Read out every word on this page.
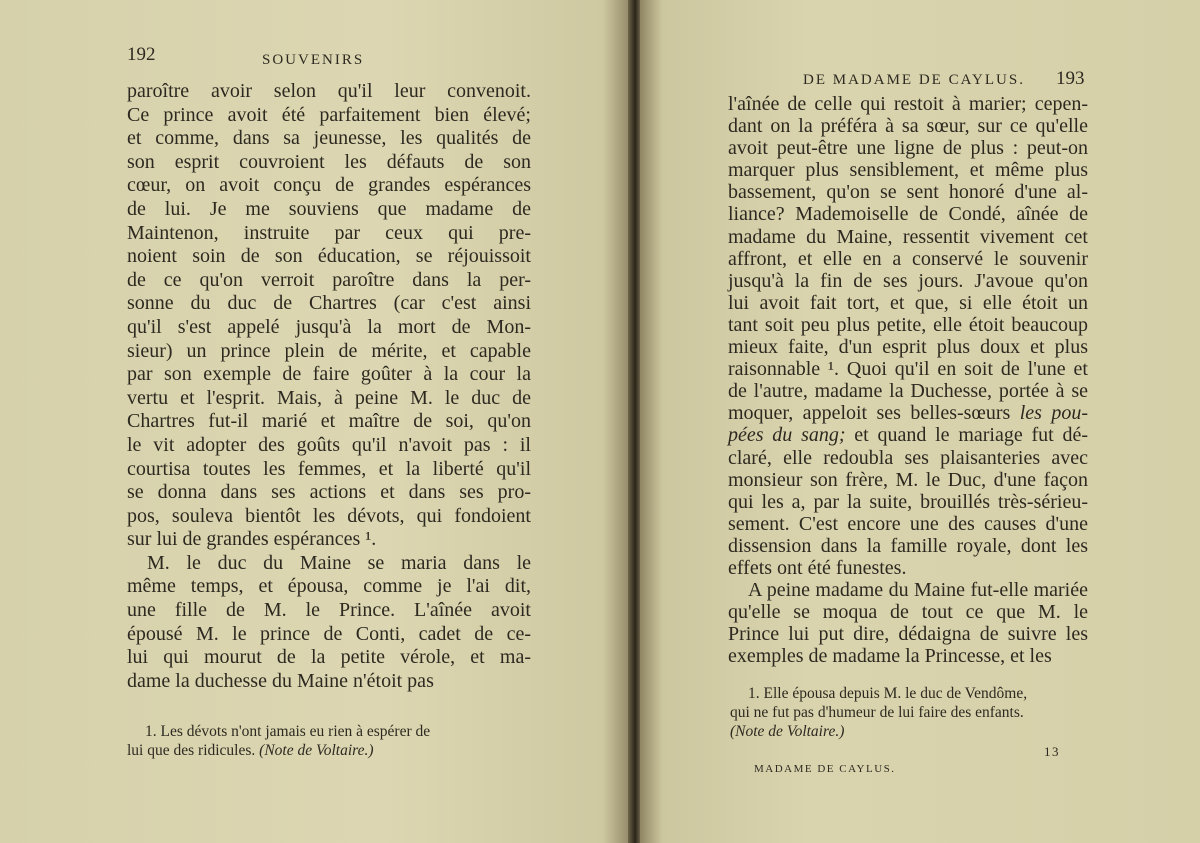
192	SOUVENIRS
paroître avoir selon qu'il leur convenoit.
Ce prince avoit été parfaitement bien élevé;
et comme, dans sa jeunesse, les qualités de
son esprit couvroient les défauts de son
cœur, on avoit conçu de grandes espérances
de lui. Je me souviens que madame de
Maintenon, instruite par ceux qui pre-
noient soin de son éducation, se réjouissoit
de ce qu'on verroit paroître dans la per-
sonne du duc de Chartres (car c'est ainsi
qu'il s'est appelé jusqu'à la mort de Mon-
sieur) un prince plein de mérite, et capable
par son exemple de faire goûter à la cour la
vertu et l'esprit. Mais, à peine M. le duc de
Chartres fut-il marié et maître de soi, qu'on
le vit adopter des goûts qu'il n'avoit pas : il
courtisa toutes les femmes, et la liberté qu'il
se donna dans ses actions et dans ses pro-
pos, souleva bientôt les dévots, qui fondoient
sur lui de grandes espérances ¹.
M. le duc du Maine se maria dans le
même temps, et épousa, comme je l'ai dit,
une fille de M. le Prince. L'aînée avoit
épousé M. le prince de Conti, cadet de ce-
lui qui mourut de la petite vérole, et ma-
dame la duchesse du Maine n'étoit pas
1. Les dévots n'ont jamais eu rien à espérer de
lui que des ridicules. (Note de Voltaire.)
DE MADAME DE CAYLUS. 193
l'aînée de celle qui restoit à marier; cepen-
dant on la préféra à sa sœur, sur ce qu'elle
avoit peut-être une ligne de plus : peut-on
marquer plus sensiblement, et même plus
bassement, qu'on se sent honoré d'une al-
liance? Mademoiselle de Condé, aînée de
madame du Maine, ressentit vivement cet
affront, et elle en a conservé le souvenir
jusqu'à la fin de ses jours. J'avoue qu'on
lui avoit fait tort, et que, si elle étoit un
tant soit peu plus petite, elle étoit beaucoup
mieux faite, d'un esprit plus doux et plus
raisonnable ¹. Quoi qu'il en soit de l'une et
de l'autre, madame la Duchesse, portée à se
moquer, appeloit ses belles-sœurs les pou-
pées du sang; et quand le mariage fut dé-
claré, elle redoubla ses plaisanteries avec
monsieur son frère, M. le Duc, d'une façon
qui les a, par la suite, brouillés très-sérieu-
sement. C'est encore une des causes d'une
dissension dans la famille royale, dont les
effets ont été funestes.
A peine madame du Maine fut-elle mariée
qu'elle se moqua de tout ce que M. le
Prince lui put dire, dédaigna de suivre les
exemples de madame la Princesse, et les
1. Elle épousa depuis M. le duc de Vendôme,
qui ne fut pas d'humeur de lui faire des enfants.
(Note de Voltaire.)
13
MADAME DE CAYLUS.
